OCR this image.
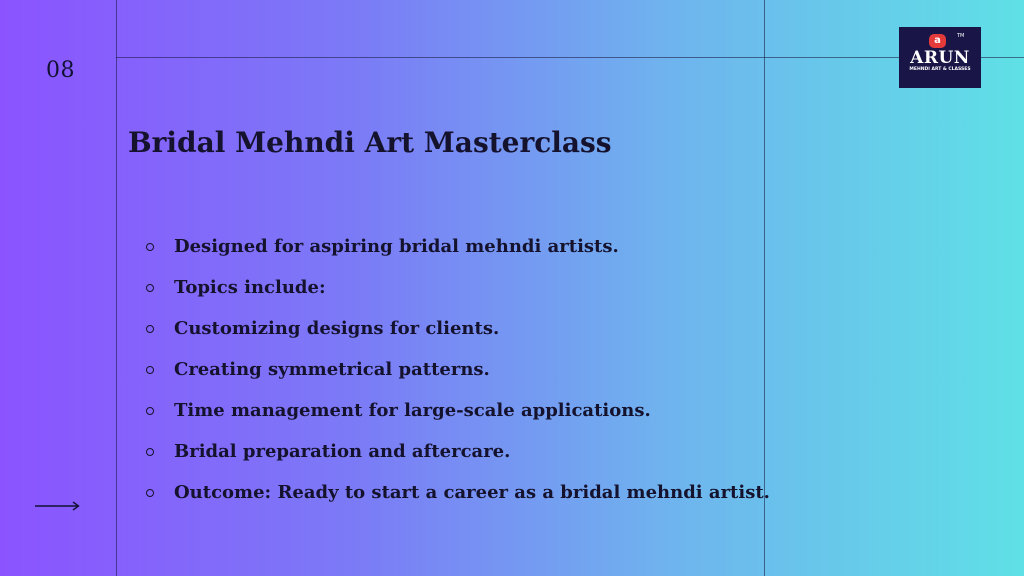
08
Bridal Mehndi Art Masterclass
Designed for aspiring bridal mehndi artists.
Topics include:
Customizing designs for clients.
Creating symmetrical patterns.
Time management for large-scale applications.
Bridal preparation and aftercare.
Outcome: Ready to start a career as a bridal mehndi artist.
a	TM
ARUN
MEHNDI ART & CLASSES
